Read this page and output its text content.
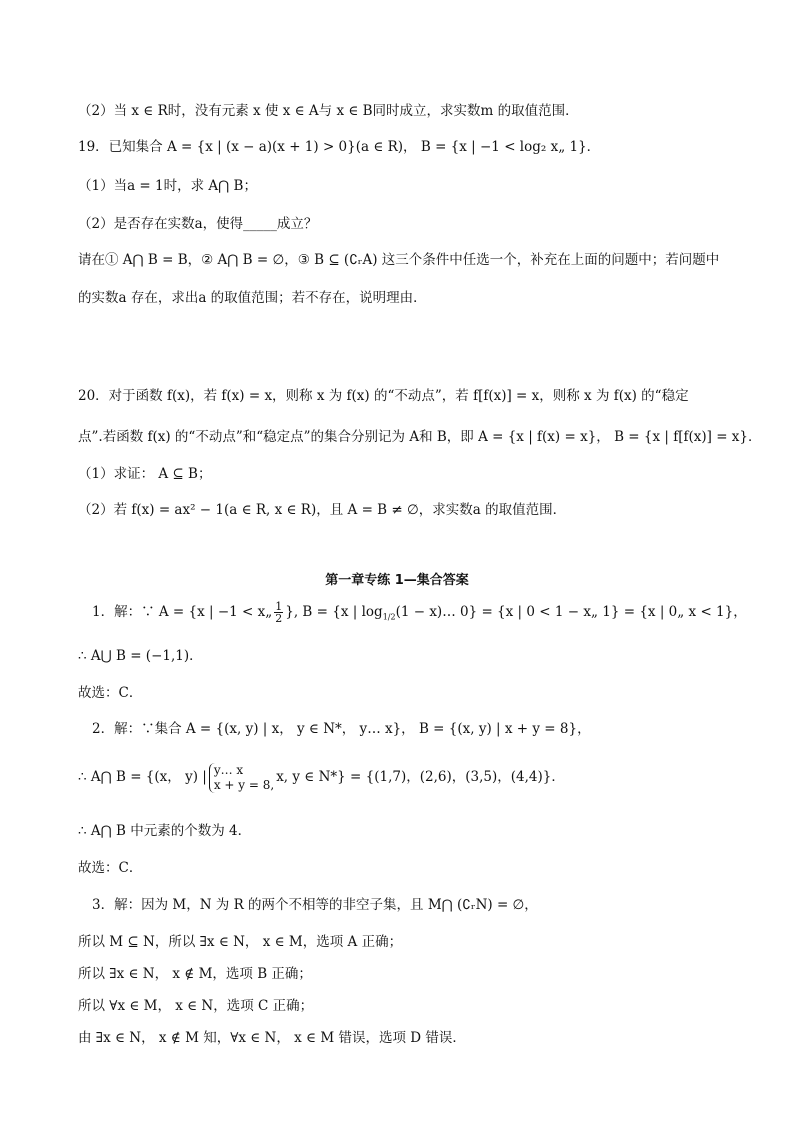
（2）当 x ∈ R时，没有元素 x 使 x ∈ A与 x ∈ B同时成立，求实数m 的取值范围．
19．已知集合 A = {x | (x − a)(x + 1) > 0}(a ∈ R)， B = {x | −1 < log₂ x„ 1}．
（1）当a = 1时，求 A⋂ B；
（2）是否存在实数a，使得_____成立？
请在① A⋂ B = B，② A⋂ B = ∅，③ B ⊆ (∁ᵣA) 这三个条件中任选一个，补充在上面的问题中；若问题中
的实数a 存在，求出a 的取值范围；若不存在，说明理由．
20．对于函数 f(x)，若 f(x) = x，则称 x 为 f(x) 的“不动点”，若 f[f(x)] = x，则称 x 为 f(x) 的“稳定
点”.若函数 f(x) 的“不动点”和“稳定点”的集合分别记为 A和 B，即 A = {x | f(x) = x}， B = {x | f[f(x)] = x}．
（1）求证： A ⊆ B；
（2）若 f(x) = ax² − 1(a ∈ R, x ∈ R)，且 A = B ≠ ∅，求实数a 的取值范围．
第一章专练 1—集合答案
1．解：∵ A = {x | −1 < x„ $\frac{1}{2}$ }, B = {x | $\log_{1/2}(1$ − x)… 0} = {x | 0 < 1 − x„ 1} = {x | 0„ x < 1}，
∴ A⋃ B = (−1,1)．
故选：C．
2．解：∵集合 A = {(x, y) | x， y ∈ N*， y… x}， B = {(x, y) | x + y = 8}，
∴ A⋂ B = {(x， y) | y… x
x + y = 8, x, y ∈ N*} = {(1,7)，(2,6)，(3,5)，(4,4)}．
∴ A⋂ B 中元素的个数为 4．
故选：C．
3．解：因为 M，N 为 R 的两个不相等的非空子集，且 M⋂ (∁ᵣN) = ∅，
所以 M ⊆ N，所以 ∃x ∈ N， x ∈ M，选项 A 正确；
所以 ∃x ∈ N， x ∉ M，选项 B 正确；
所以 ∀x ∈ M， x ∈ N，选项 C 正确；
由 ∃x ∈ N， x ∉ M 知，∀x ∈ N， x ∈ M 错误，选项 D 错误．
